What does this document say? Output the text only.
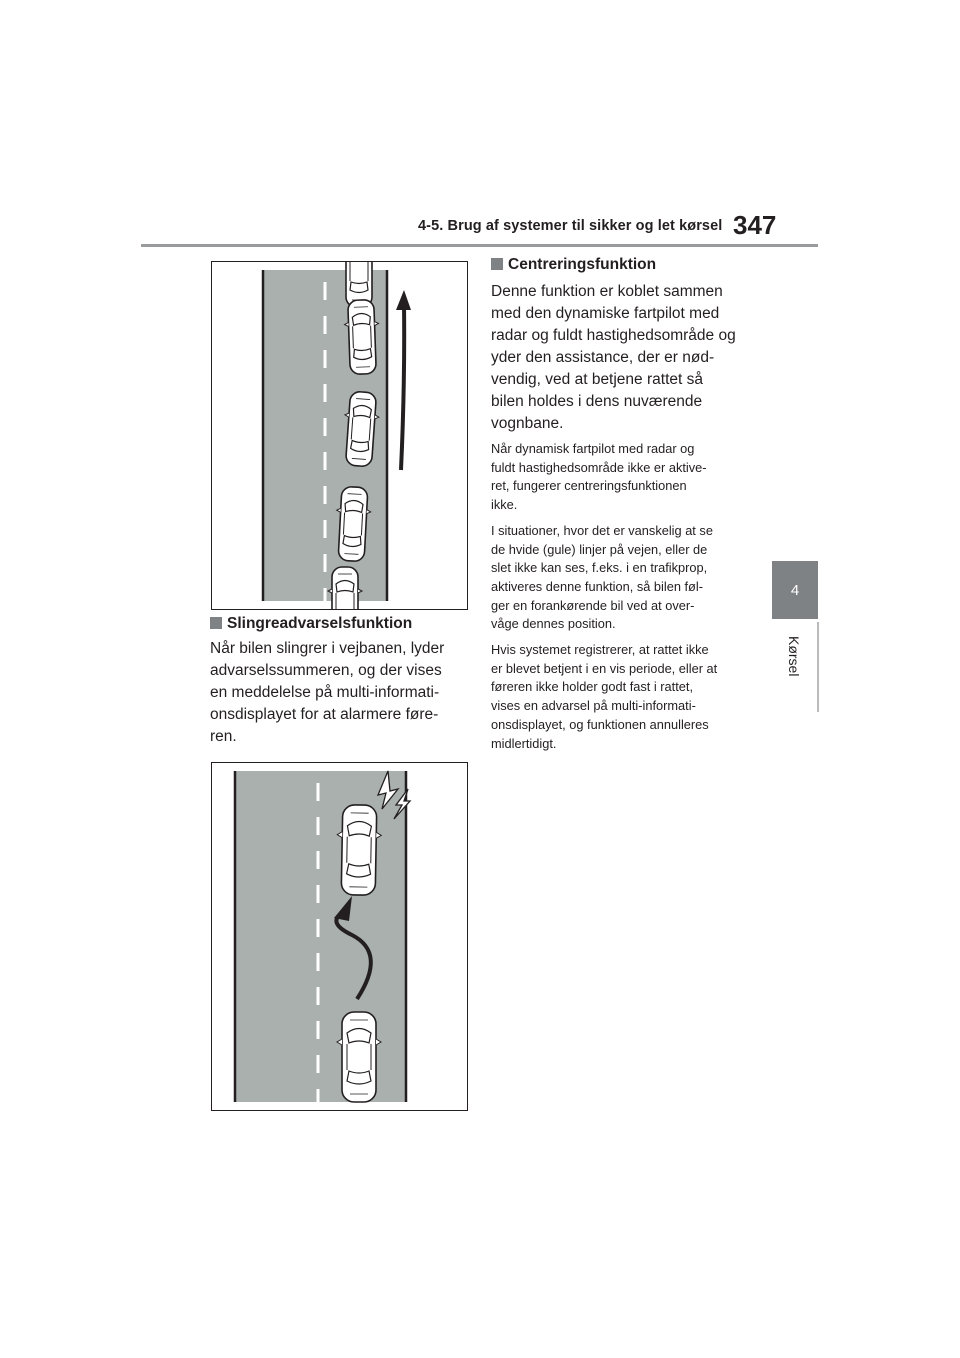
4-5. Brug af systemer til sikker og let kørsel 347
4
Kørsel
Slingreadvarselsfunktion
Når bilen slingrer i vejbanen, lyder
advarselssummeren, og der vises
en meddelelse på multi-informati-
onsdisplayet for at alarmere føre-
ren.
Centreringsfunktion
Denne funktion er koblet sammen
med den dynamiske fartpilot med
radar og fuldt hastighedsområde og
yder den assistance, der er nød-
vendig, ved at betjene rattet så
bilen holdes i dens nuværende
vognbane.
Når dynamisk fartpilot med radar og
fuldt hastighedsområde ikke er aktive-
ret, fungerer centreringsfunktionen
ikke.
I situationer, hvor det er vanskelig at se
de hvide (gule) linjer på vejen, eller de
slet ikke kan ses, f.eks. i en trafikprop,
aktiveres denne funktion, så bilen føl-
ger en forankørende bil ved at over-
våge dennes position.
Hvis systemet registrerer, at rattet ikke
er blevet betjent i en vis periode, eller at
føreren ikke holder godt fast i rattet,
vises en advarsel på multi-informati-
onsdisplayet, og funktionen annulleres
midlertidigt.
